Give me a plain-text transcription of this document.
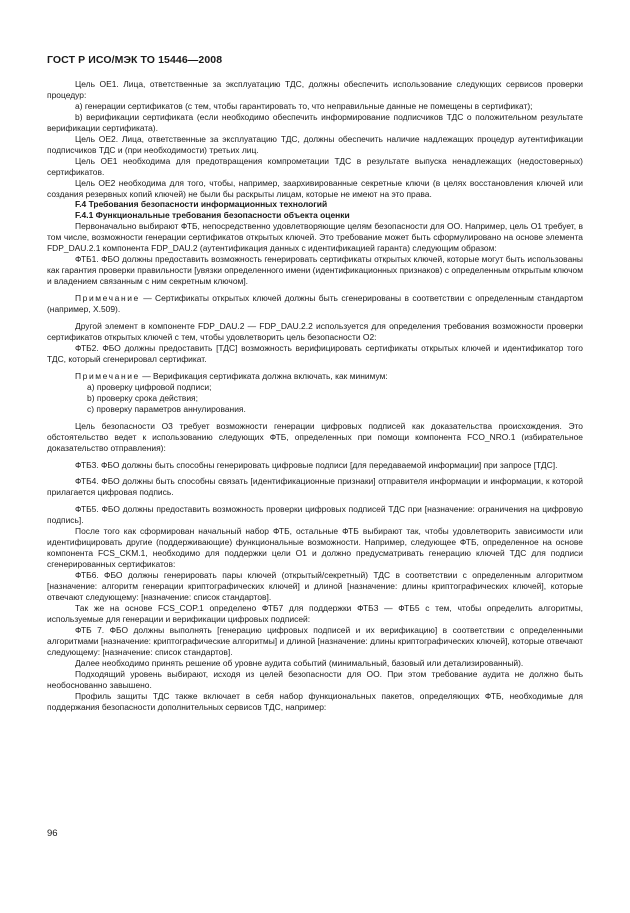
ГОСТ Р ИСО/МЭК ТО 15446—2008

Цель OE1. Лица, ответственные за эксплуатацию ТДС, должны обеспечить использование следующих сервисов проверки процедур:

a) генерации сертификатов (с тем, чтобы гарантировать то, что неправильные данные не помещены в сертификат);

b) верификации сертификата (если необходимо обеспечить информирование подписчиков ТДС о положительном результате верификации сертификата).

Цель OE2. Лица, ответственные за эксплуатацию ТДС, должны обеспечить наличие надлежащих процедур аутентификации подписчиков ТДС и (при необходимости) третьих лиц.

Цель OE1 необходима для предотвращения компрометации ТДС в результате выпуска ненадлежащих (недостоверных) сертификатов.

Цель OE2 необходима для того, чтобы, например, заархивированные секретные ключи (в целях восстановления ключей или создания резервных копий ключей) не были бы раскрыты лицам, которые не имеют на это права.

F.4 Требования безопасности информационных технологий

F.4.1 Функциональные требования безопасности объекта оценки

Первоначально выбирают ФТБ, непосредственно удовлетворяющие целям безопасности для ОО. Например, цель О1 требует, в том числе, возможности генерации сертификатов открытых ключей. Это требование может быть сформулировано на основе элемента FDP_DAU.2.1 компонента FDP_DAU.2 (аутентификация данных с идентификацией гаранта) следующим образом:

ФТБ1. ФБО должны предоставить возможность генерировать сертификаты открытых ключей, которые могут быть использованы как гарантия проверки правильности [увязки определенного имени (идентификационных признаков) с определенным открытым ключом и владением связанным с ним секретным ключом].

Примечание — Сертификаты открытых ключей должны быть сгенерированы в соответствии с определенным стандартом (например, X.509).

Другой элемент в компоненте FDP_DAU.2 — FDP_DAU.2.2 используется для определения требования возможности проверки сертификатов открытых ключей с тем, чтобы удовлетворить цель безопасности O2:

ФТБ2. ФБО должны предоставить [ТДС] возможность верифицировать сертификаты открытых ключей и идентификатор того ТДС, который сгенерировал сертификат.

Примечание — Верификация сертификата должна включать, как минимум:

a) проверку цифровой подписи;

b) проверку срока действия;

c) проверку параметров аннулирования.

Цель безопасности O3 требует возможности генерации цифровых подписей как доказательства происхождения. Это обстоятельство ведет к использованию следующих ФТБ, определенных при помощи компонента FCO_NRO.1 (избирательное доказательство отправления):

ФТБ3. ФБО должны быть способны генерировать цифровые подписи [для передаваемой информации] при запросе [ТДС].

ФТБ4. ФБО должны быть способны связать [идентификационные признаки] отправителя информации и информации, к которой прилагается цифровая подпись.

ФТБ5. ФБО должны предоставить возможность проверки цифровых подписей ТДС при [назначение: ограничения на цифровую подпись].

После того как сформирован начальный набор ФТБ, остальные ФТБ выбирают так, чтобы удовлетворить зависимости или идентифицировать другие (поддерживающие) функциональные возможности. Например, следующее ФТБ, определенное на основе компонента FCS_CKM.1, необходимо для поддержки цели O1 и должно предусматривать генерацию ключей ТДС для подписи сгенерированных сертификатов:

ФТБ6. ФБО должны генерировать пары ключей (открытый/секретный) ТДС в соответствии с определенным алгоритмом [назначение: алгоритм генерации криптографических ключей] и длиной [назначение: длины криптографических ключей], которые отвечают следующему: [назначение: список стандартов].

Так же на основе FCS_COP.1 определено ФТБ7 для поддержки ФТБ3 — ФТБ5 с тем, чтобы определить алгоритмы, используемые для генерации и верификации цифровых подписей:

ФТБ 7. ФБО должны выполнять [генерацию цифровых подписей и их верификацию] в соответствии с определенными алгоритмами [назначение: криптографические алгоритмы] и длиной [назначение: длины криптографических ключей], которые отвечают следующему: [назначение: список стандартов].

Далее необходимо принять решение об уровне аудита событий (минимальный, базовый или детализированный).

Подходящий уровень выбирают, исходя из целей безопасности для ОО. При этом требование аудита не должно быть необоснованно завышено.

Профиль защиты ТДС также включает в себя набор функциональных пакетов, определяющих ФТБ, необходимые для поддержания безопасности дополнительных сервисов ТДС, например:

96
